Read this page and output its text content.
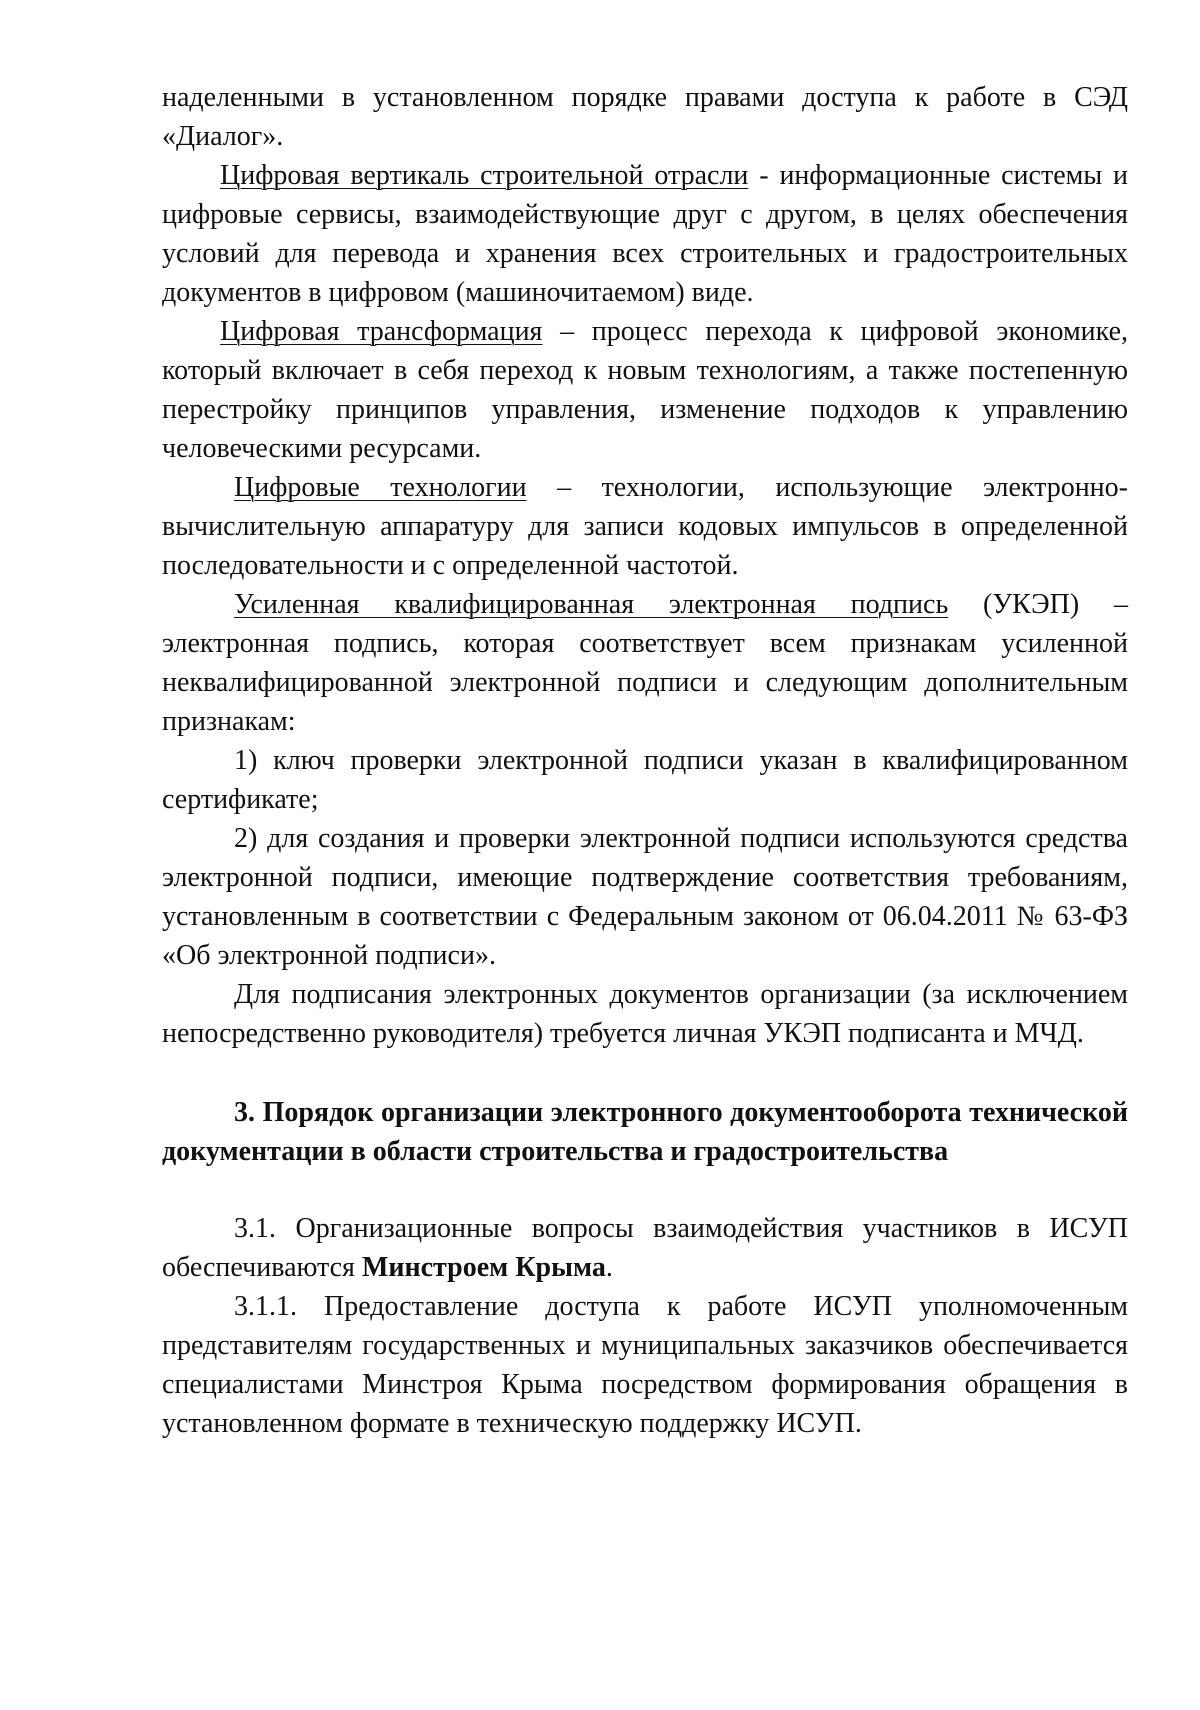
наделенными в установленном порядке правами доступа к работе в СЭД «Диалог».

Цифровая вертикаль строительной отрасли - информационные системы и цифровые сервисы, взаимодействующие друг с другом, в целях обеспечения условий для перевода и хранения всех строительных и градостроительных документов в цифровом (машиночитаемом) виде.

Цифровая трансформация – процесс перехода к цифровой экономике, который включает в себя переход к новым технологиям, а также постепенную перестройку принципов управления, изменение подходов к управлению человеческими ресурсами.

Цифровые технологии – технологии, использующие электронно-вычислительную аппаратуру для записи кодовых импульсов в определенной последовательности и с определенной частотой.

Усиленная квалифицированная электронная подпись (УКЭП) – электронная подпись, которая соответствует всем признакам усиленной неквалифицированной электронной подписи и следующим дополнительным признакам:

1) ключ проверки электронной подписи указан в квалифицированном сертификате;

2) для создания и проверки электронной подписи используются средства электронной подписи, имеющие подтверждение соответствия требованиям, установленным в соответствии с Федеральным законом от 06.04.2011 № 63-ФЗ «Об электронной подписи».

Для подписания электронных документов организации (за исключением непосредственно руководителя) требуется личная УКЭП подписанта и МЧД.

3. Порядок организации электронного документооборота технической документации в области строительства и градостроительства

3.1. Организационные вопросы взаимодействия участников в ИСУП обеспечиваются Минстроем Крыма.

3.1.1. Предоставление доступа к работе ИСУП уполномоченным представителям государственных и муниципальных заказчиков обеспечивается специалистами Минстроя Крыма посредством формирования обращения в установленном формате в техническую поддержку ИСУП.
